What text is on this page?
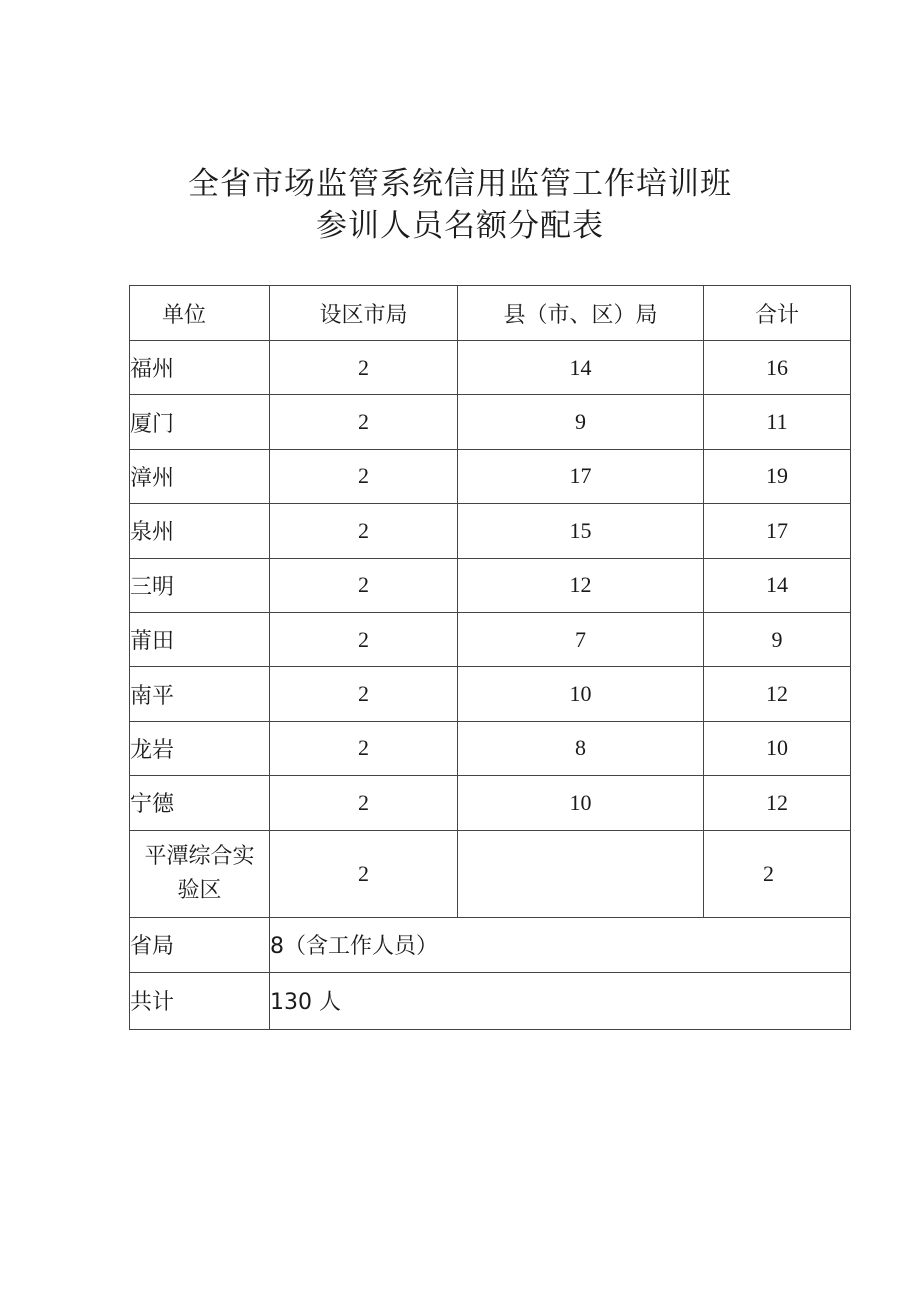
全省市场监管系统信用监管工作培训班
参训人员名额分配表
单位	设区市局	县（市、区）局	合计
福州	2	14	16
厦门	2	9	11
漳州	2	17	19
泉州	2	15	17
三明	2	12	14
莆田	2	7	9
南平	2	10	12
龙岩	2	8	10
宁德	2	10	12

平潭综合实
验区	2		2
省局	8（含工作人员）		
共计	130 人		
